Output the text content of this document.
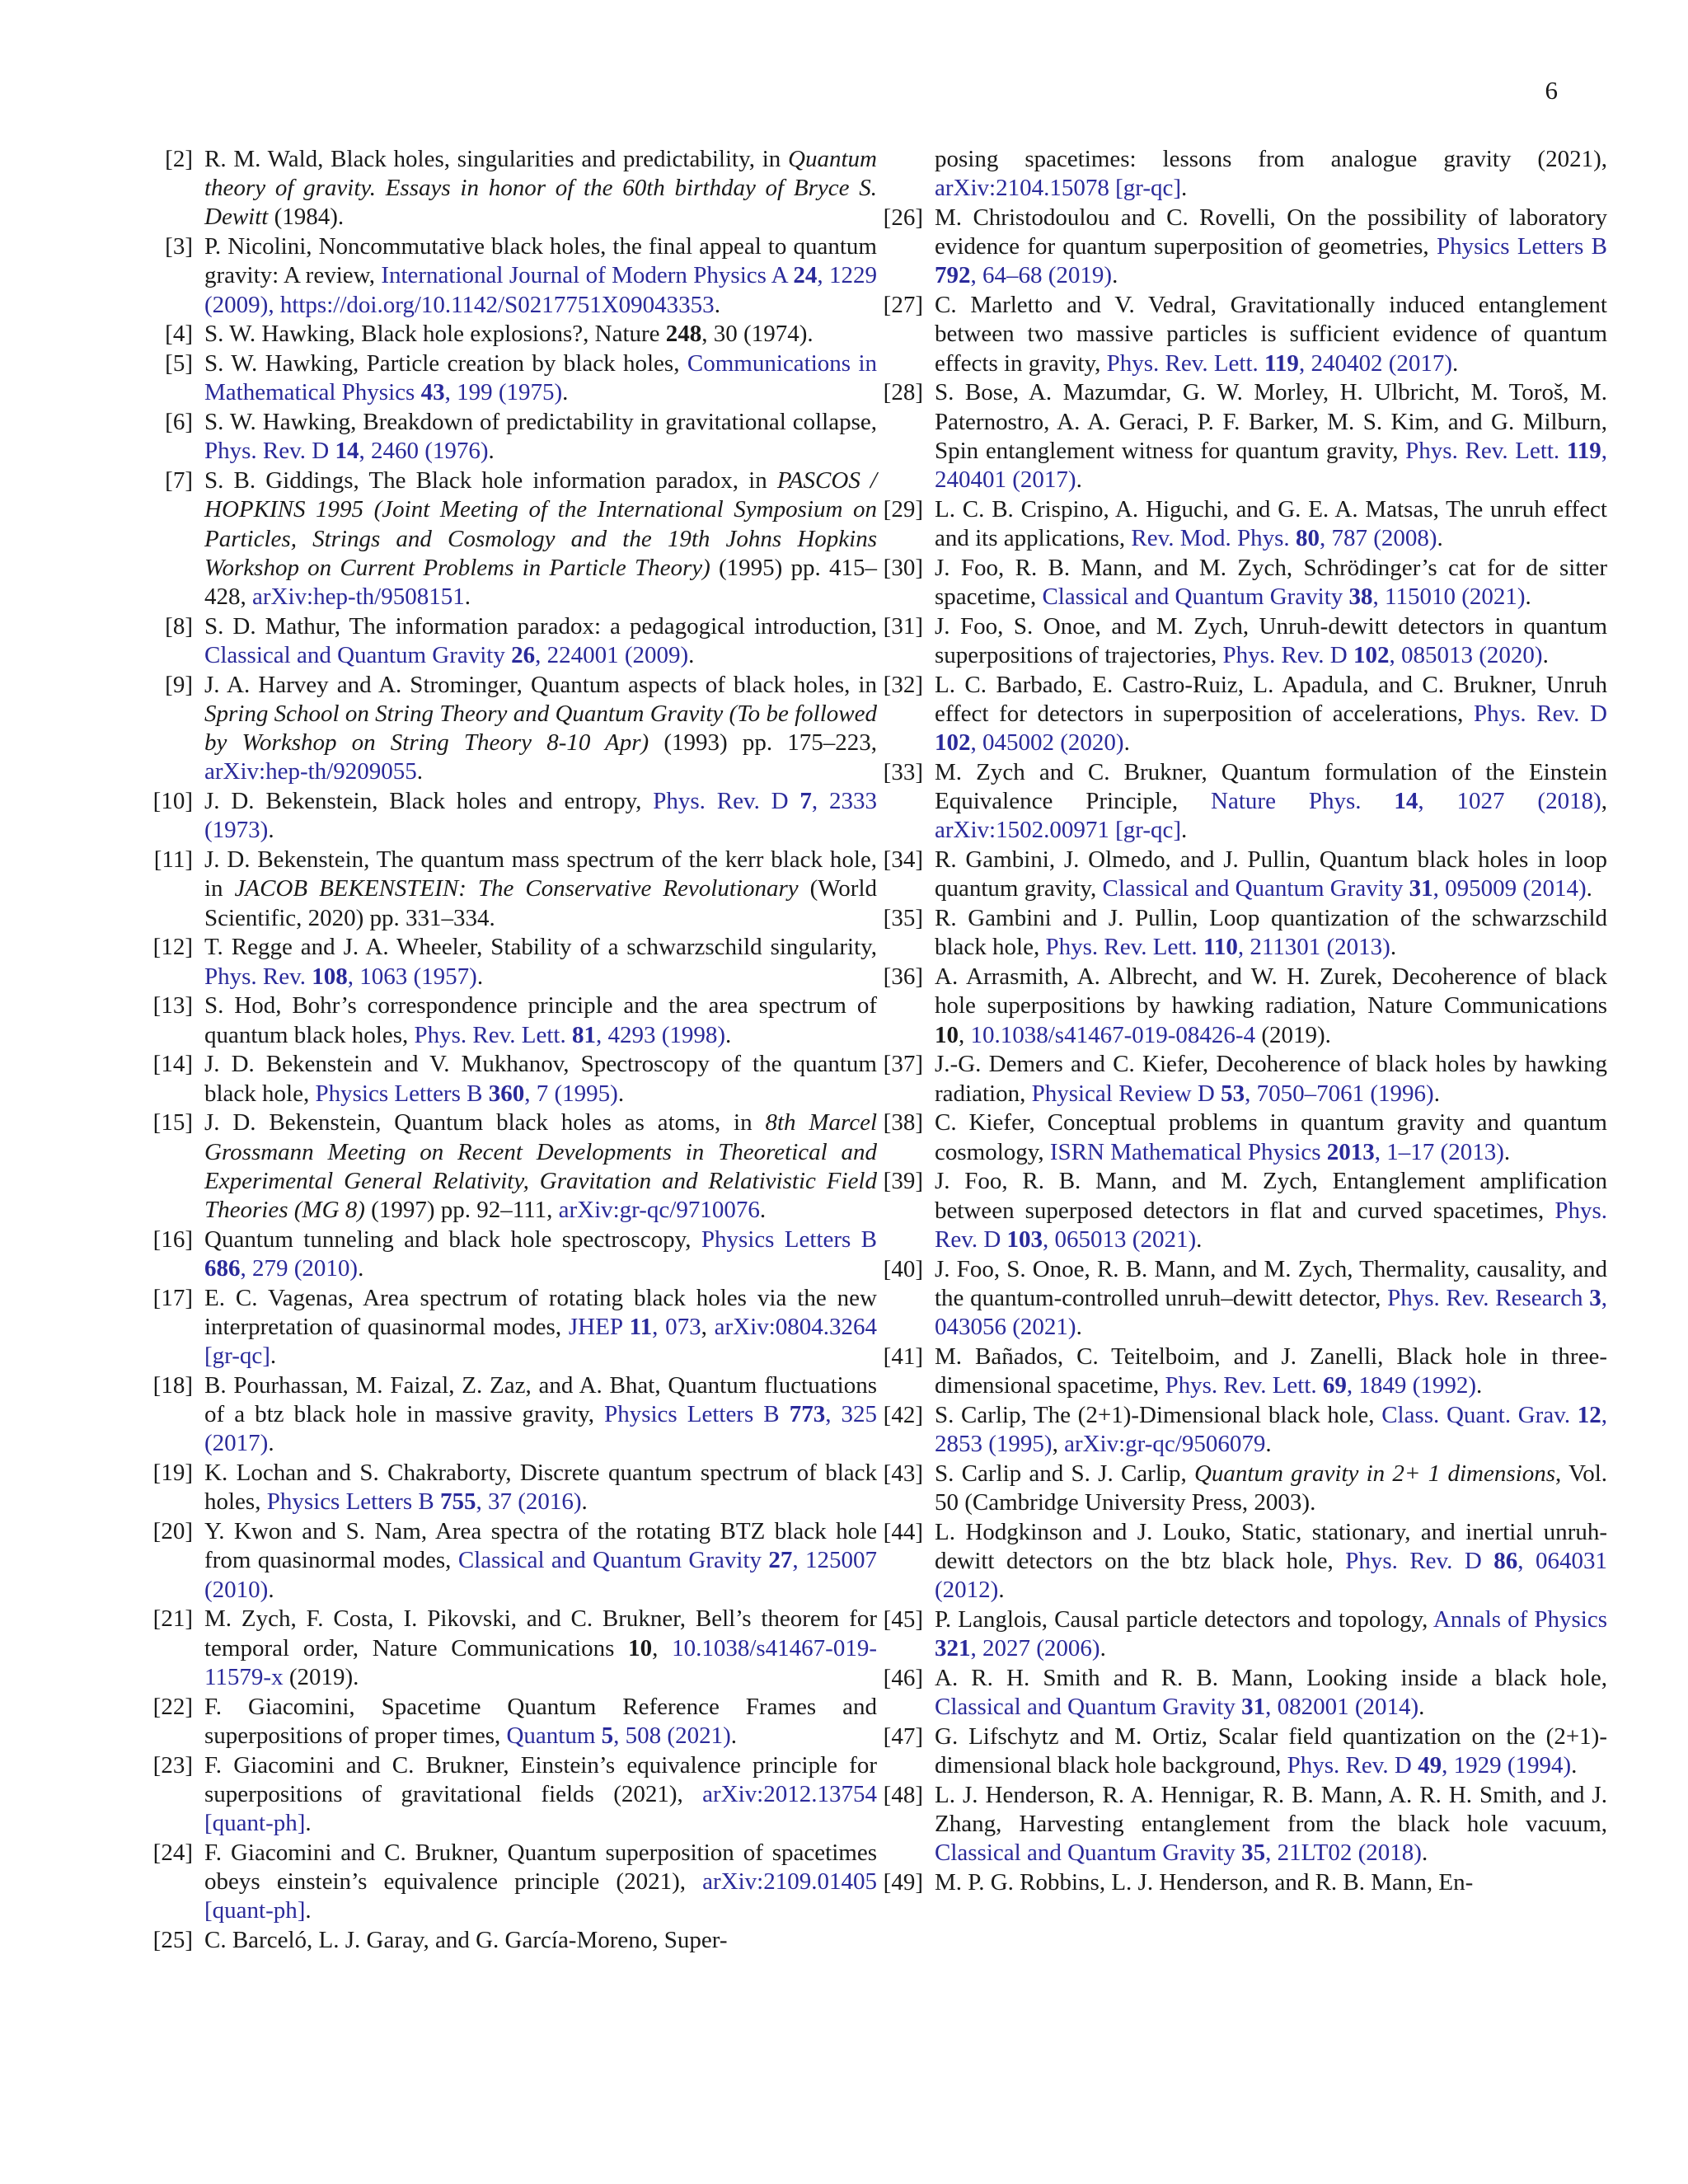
6
[2] R. M. Wald, Black holes, singularities and predictability, in Quantum theory of gravity. Essays in honor of the 60th birthday of Bryce S. Dewitt (1984).
[3] P. Nicolini, Noncommutative black holes, the final appeal to quantum gravity: A review, International Journal of Modern Physics A 24, 1229 (2009), https://doi.org/10.1142/S0217751X09043353.
[4] S. W. Hawking, Black hole explosions?, Nature 248, 30 (1974).
[5] S. W. Hawking, Particle creation by black holes, Communications in Mathematical Physics 43, 199 (1975).
[6] S. W. Hawking, Breakdown of predictability in gravitational collapse, Phys. Rev. D 14, 2460 (1976).
[7] S. B. Giddings, The Black hole information paradox, in PASCOS / HOPKINS 1995 (Joint Meeting of the International Symposium on Particles, Strings and Cosmology and the 19th Johns Hopkins Workshop on Current Problems in Particle Theory) (1995) pp. 415–428, arXiv:hep-th/9508151.
[8] S. D. Mathur, The information paradox: a pedagogical introduction, Classical and Quantum Gravity 26, 224001 (2009).
[9] J. A. Harvey and A. Strominger, Quantum aspects of black holes, in Spring School on String Theory and Quantum Gravity (To be followed by Workshop on String Theory 8-10 Apr) (1993) pp. 175–223, arXiv:hep-th/9209055.
[10] J. D. Bekenstein, Black holes and entropy, Phys. Rev. D 7, 2333 (1973).
[11] J. D. Bekenstein, The quantum mass spectrum of the kerr black hole, in JACOB BEKENSTEIN: The Conservative Revolutionary (World Scientific, 2020) pp. 331–334.
[12] T. Regge and J. A. Wheeler, Stability of a schwarzschild singularity, Phys. Rev. 108, 1063 (1957).
[13] S. Hod, Bohr’s correspondence principle and the area spectrum of quantum black holes, Phys. Rev. Lett. 81, 4293 (1998).
[14] J. D. Bekenstein and V. Mukhanov, Spectroscopy of the quantum black hole, Physics Letters B 360, 7 (1995).
[15] J. D. Bekenstein, Quantum black holes as atoms, in 8th Marcel Grossmann Meeting on Recent Developments in Theoretical and Experimental General Relativity, Gravitation and Relativistic Field Theories (MG 8) (1997) pp. 92–111, arXiv:gr-qc/9710076.
[16] Quantum tunneling and black hole spectroscopy, Physics Letters B 686, 279 (2010).
[17] E. C. Vagenas, Area spectrum of rotating black holes via the new interpretation of quasinormal modes, JHEP 11, 073, arXiv:0804.3264 [gr-qc].
[18] B. Pourhassan, M. Faizal, Z. Zaz, and A. Bhat, Quantum fluctuations of a btz black hole in massive gravity, Physics Letters B 773, 325 (2017).
[19] K. Lochan and S. Chakraborty, Discrete quantum spectrum of black holes, Physics Letters B 755, 37 (2016).
[20] Y. Kwon and S. Nam, Area spectra of the rotating BTZ black hole from quasinormal modes, Classical and Quantum Gravity 27, 125007 (2010).
[21] M. Zych, F. Costa, I. Pikovski, and C. Brukner, Bell’s theorem for temporal order, Nature Communications 10, 10.1038/s41467-019-11579-x (2019).
[22] F. Giacomini, Spacetime Quantum Reference Frames and superpositions of proper times, Quantum 5, 508 (2021).
[23] F. Giacomini and C. Brukner, Einstein’s equivalence principle for superpositions of gravitational fields (2021), arXiv:2012.13754 [quant-ph].
[24] F. Giacomini and C. Brukner, Quantum superposition of spacetimes obeys einstein’s equivalence principle (2021), arXiv:2109.01405 [quant-ph].
[25] C. Barceló, L. J. Garay, and G. García-Moreno, Super-
posing spacetimes: lessons from analogue gravity (2021), arXiv:2104.15078 [gr-qc].
[26] M. Christodoulou and C. Rovelli, On the possibility of laboratory evidence for quantum superposition of geometries, Physics Letters B 792, 64–68 (2019).
[27] C. Marletto and V. Vedral, Gravitationally induced entanglement between two massive particles is sufficient evidence of quantum effects in gravity, Phys. Rev. Lett. 119, 240402 (2017).
[28] S. Bose, A. Mazumdar, G. W. Morley, H. Ulbricht, M. Toroš, M. Paternostro, A. A. Geraci, P. F. Barker, M. S. Kim, and G. Milburn, Spin entanglement witness for quantum gravity, Phys. Rev. Lett. 119, 240401 (2017).
[29] L. C. B. Crispino, A. Higuchi, and G. E. A. Matsas, The unruh effect and its applications, Rev. Mod. Phys. 80, 787 (2008).
[30] J. Foo, R. B. Mann, and M. Zych, Schrödinger’s cat for de sitter spacetime, Classical and Quantum Gravity 38, 115010 (2021).
[31] J. Foo, S. Onoe, and M. Zych, Unruh-dewitt detectors in quantum superpositions of trajectories, Phys. Rev. D 102, 085013 (2020).
[32] L. C. Barbado, E. Castro-Ruiz, L. Apadula, and C. Brukner, Unruh effect for detectors in superposition of accelerations, Phys. Rev. D 102, 045002 (2020).
[33] M. Zych and C. Brukner, Quantum formulation of the Einstein Equivalence Principle, Nature Phys. 14, 1027 (2018), arXiv:1502.00971 [gr-qc].
[34] R. Gambini, J. Olmedo, and J. Pullin, Quantum black holes in loop quantum gravity, Classical and Quantum Gravity 31, 095009 (2014).
[35] R. Gambini and J. Pullin, Loop quantization of the schwarzschild black hole, Phys. Rev. Lett. 110, 211301 (2013).
[36] A. Arrasmith, A. Albrecht, and W. H. Zurek, Decoherence of black hole superpositions by hawking radiation, Nature Communications 10, 10.1038/s41467-019-08426-4 (2019).
[37] J.-G. Demers and C. Kiefer, Decoherence of black holes by hawking radiation, Physical Review D 53, 7050–7061 (1996).
[38] C. Kiefer, Conceptual problems in quantum gravity and quantum cosmology, ISRN Mathematical Physics 2013, 1–17 (2013).
[39] J. Foo, R. B. Mann, and M. Zych, Entanglement amplification between superposed detectors in flat and curved spacetimes, Phys. Rev. D 103, 065013 (2021).
[40] J. Foo, S. Onoe, R. B. Mann, and M. Zych, Thermality, causality, and the quantum-controlled unruh–dewitt detector, Phys. Rev. Research 3, 043056 (2021).
[41] M. Bañados, C. Teitelboim, and J. Zanelli, Black hole in three-dimensional spacetime, Phys. Rev. Lett. 69, 1849 (1992).
[42] S. Carlip, The (2+1)-Dimensional black hole, Class. Quant. Grav. 12, 2853 (1995), arXiv:gr-qc/9506079.
[43] S. Carlip and S. J. Carlip, Quantum gravity in 2+ 1 dimensions, Vol. 50 (Cambridge University Press, 2003).
[44] L. Hodgkinson and J. Louko, Static, stationary, and inertial unruh-dewitt detectors on the btz black hole, Phys. Rev. D 86, 064031 (2012).
[45] P. Langlois, Causal particle detectors and topology, Annals of Physics 321, 2027 (2006).
[46] A. R. H. Smith and R. B. Mann, Looking inside a black hole, Classical and Quantum Gravity 31, 082001 (2014).
[47] G. Lifschytz and M. Ortiz, Scalar field quantization on the (2+1)-dimensional black hole background, Phys. Rev. D 49, 1929 (1994).
[48] L. J. Henderson, R. A. Hennigar, R. B. Mann, A. R. H. Smith, and J. Zhang, Harvesting entanglement from the black hole vacuum, Classical and Quantum Gravity 35, 21LT02 (2018).
[49] M. P. G. Robbins, L. J. Henderson, and R. B. Mann, En-
